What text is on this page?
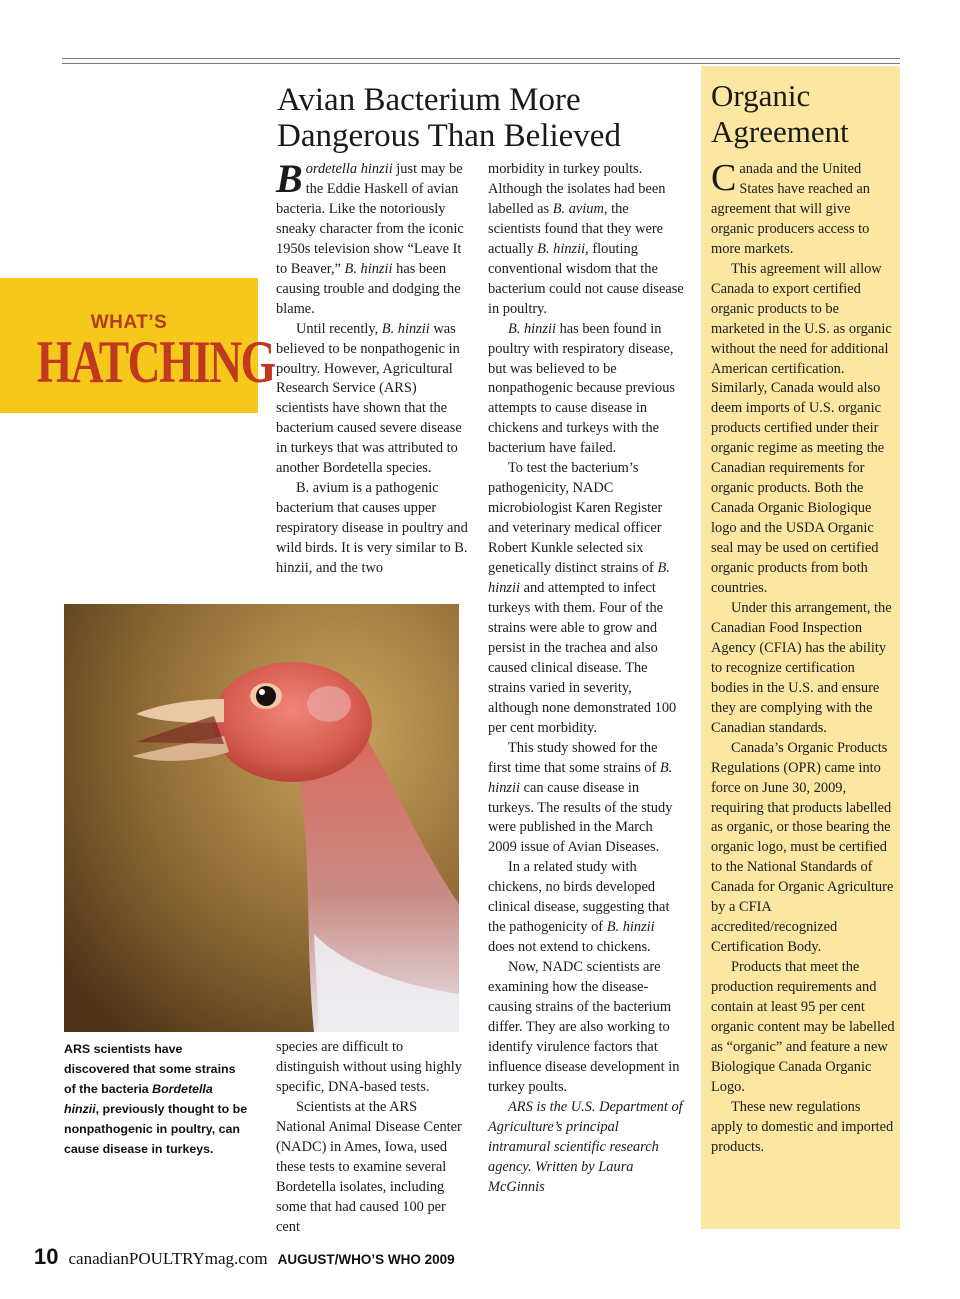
WHAT’S
HATCHING
Avian Bacterium More Dangerous Than Believed

Bordetella hinzii just may be the Eddie Haskell of avian bacteria. Like the notoriously sneaky character from the iconic 1950s television show “Leave It to Beaver,” B. hinzii has been causing trouble and dodging the blame.

Until recently, B. hinzii was believed to be nonpathogenic in poultry. However, Agricultural Research Service (ARS) scientists have shown that the bacterium caused severe disease in turkeys that was attributed to another Bordetella species.

B. avium is a pathogenic bacterium that causes upper respiratory disease in poultry and wild birds. It is very similar to B. hinzii, and the two

species are difficult to distinguish without using highly specific, DNA-based tests.

Scientists at the ARS National Animal Disease Center (NADC) in Ames, Iowa, used these tests to examine several Bordetella isolates, including some that had caused 100 per cent

morbidity in turkey poults. Although the isolates had been labelled as B. avium, the scientists found that they were actually B. hinzii, flouting conventional wisdom that the bacterium could not cause disease in poultry.

B. hinzii has been found in poultry with respiratory disease, but was believed to be nonpathogenic because previous attempts to cause disease in chickens and turkeys with the bacterium have failed.

To test the bacterium’s pathogenicity, NADC microbiologist Karen Register and veterinary medical officer Robert Kunkle selected six genetically distinct strains of B. hinzii and attempted to infect turkeys with them. Four of the strains were able to grow and persist in the trachea and also caused clinical disease. The strains varied in severity, although none demonstrated 100 per cent morbidity.

This study showed for the first time that some strains of B. hinzii can cause disease in turkeys. The results of the study were published in the March 2009 issue of Avian Diseases.

In a related study with chickens, no birds developed clinical disease, suggesting that the pathogenicity of B. hinzii does not extend to chickens.

Now, NADC scientists are examining how the disease-causing strains of the bacterium differ. They are also working to identify virulence factors that influence disease development in turkey poults.

ARS is the U.S. Department of Agriculture’s principal intramural scientific research agency. Written by Laura McGinnis

ARS scientists have discovered that some strains of the bacteria Bordetella hinzii, previously thought to be nonpathogenic in poultry, can cause disease in turkeys.
Organic Agreement

Canada and the United States have reached an agreement that will give organic producers access to more markets.

This agreement will allow Canada to export certified organic products to be marketed in the U.S. as organic without the need for additional American certification. Similarly, Canada would also deem imports of U.S. organic products certified under their organic regime as meeting the Canadian requirements for organic products. Both the Canada Organic Biologique logo and the USDA Organic seal may be used on certified organic products from both countries.

Under this arrangement, the Canadian Food Inspection Agency (CFIA) has the ability to recognize certification bodies in the U.S. and ensure they are complying with the Canadian standards.

Canada’s Organic Products Regulations (OPR) came into force on June 30, 2009, requiring that products labelled as organic, or those bearing the organic logo, must be certified to the National Standards of Canada for Organic Agriculture by a CFIA accredited/recognized Certification Body.

Products that meet the production requirements and contain at least 95 per cent organic content may be labelled as “organic” and feature a new Biologique Canada Organic Logo.

These new regulations apply to domestic and imported products.

10 canadianPOULTRYmag.com AUGUST/WHO’S WHO 2009
